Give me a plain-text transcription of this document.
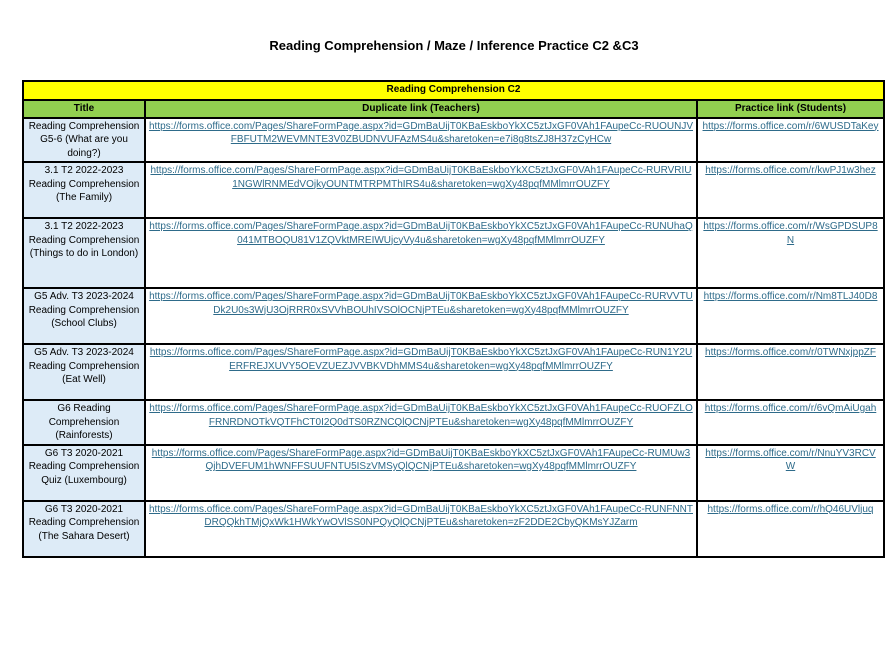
Reading Comprehension / Maze / Inference Practice C2 &C3
Reading Comprehension C2		
Title	Duplicate link (Teachers)	Practice link (Students)
Reading Comprehension G5-6 (What are you doing?)	https://forms.office.com/Pages/ShareFormPage.aspx?id=GDmBaUijT0KBaEskboYkXC5ztJxGF0VAh1FAupeCc-RUOUNJVFBFUTM2WEVMNTE3V0ZBUDNVUFAzMS4u&sharetoken=e7i8g8tsZJ8H37zCyHCw	https://forms.office.com/r/6WUSDTaKey
3.1 T2 2022-2023 Reading Comprehension (The Family)	https://forms.office.com/Pages/ShareFormPage.aspx?id=GDmBaUijT0KBaEskboYkXC5ztJxGF0VAh1FAupeCc-RURVRIU1NGWlRNMEdVOjkyOUNTMTRPMThIRS4u&sharetoken=wgXy48pqfMMlmrrOUZFY	https://forms.office.com/r/kwPJ1w3hez
3.1 T2 2022-2023 Reading Comprehension (Things to do in London)	https://forms.office.com/Pages/ShareFormPage.aspx?id=GDmBaUijT0KBaEskboYkXC5ztJxGF0VAh1FAupeCc-RUNUhaQ041MTBOQU81V1ZQVktMREIWUjcyVy4u&sharetoken=wgXy48pqfMMlmrrOUZFY	https://forms.office.com/r/WsGPDSUP8N
G5 Adv. T3 2023-2024 Reading Comprehension (School Clubs)	https://forms.office.com/Pages/ShareFormPage.aspx?id=GDmBaUijT0KBaEskboYkXC5ztJxGF0VAh1FAupeCc-RURVVTUDk2U0s3WjU3OjRRR0xSVVhBOUhIVSOlOCNjPTEu&sharetoken=wgXy48pqfMMlmrrOUZFY	https://forms.office.com/r/Nm8TLJ40D8
G5 Adv. T3 2023-2024 Reading Comprehension (Eat Well)	https://forms.office.com/Pages/ShareFormPage.aspx?id=GDmBaUijT0KBaEskboYkXC5ztJxGF0VAh1FAupeCc-RUN1Y2UERFREJXUVY5OEVZUEZJVVBKVDhMMS4u&sharetoken=wgXy48pqfMMlmrrOUZFY	https://forms.office.com/r/0TWNxjppZF
G6 Reading Comprehension (Rainforests)	https://forms.office.com/Pages/ShareFormPage.aspx?id=GDmBaUijT0KBaEskboYkXC5ztJxGF0VAh1FAupeCc-RUOFZLOFRNRDNOTkVQTFhCT0I2Q0dTS0RZNCQlQCNjPTEu&sharetoken=wgXy48pqfMMlmrrOUZFY	https://forms.office.com/r/6vQmAiUgah
G6 T3 2020-2021 Reading Comprehension Quiz (Luxembourg)	https://forms.office.com/Pages/ShareFormPage.aspx?id=GDmBaUijT0KBaEskboYkXC5ztJxGF0VAh1FAupeCc-RUMUw3QjhDVEFUM1hWNFFSUUFNTU5ISzVMSyQlQCNjPTEu&sharetoken=wgXy48pqfMMlmrrOUZFY	https://forms.office.com/r/NnuYV3RCVW
G6 T3 2020-2021 Reading Comprehension (The Sahara Desert)	https://forms.office.com/Pages/ShareFormPage.aspx?id=GDmBaUijT0KBaEskboYkXC5ztJxGF0VAh1FAupeCc-RUNFNNTDRQQkhTMjQxWk1HWkYwOVlSS0NPQyQlQCNjPTEu&sharetoken=zF2DDE2CbyQKMsYJZarm	https://forms.office.com/r/hQ46UVljuq
